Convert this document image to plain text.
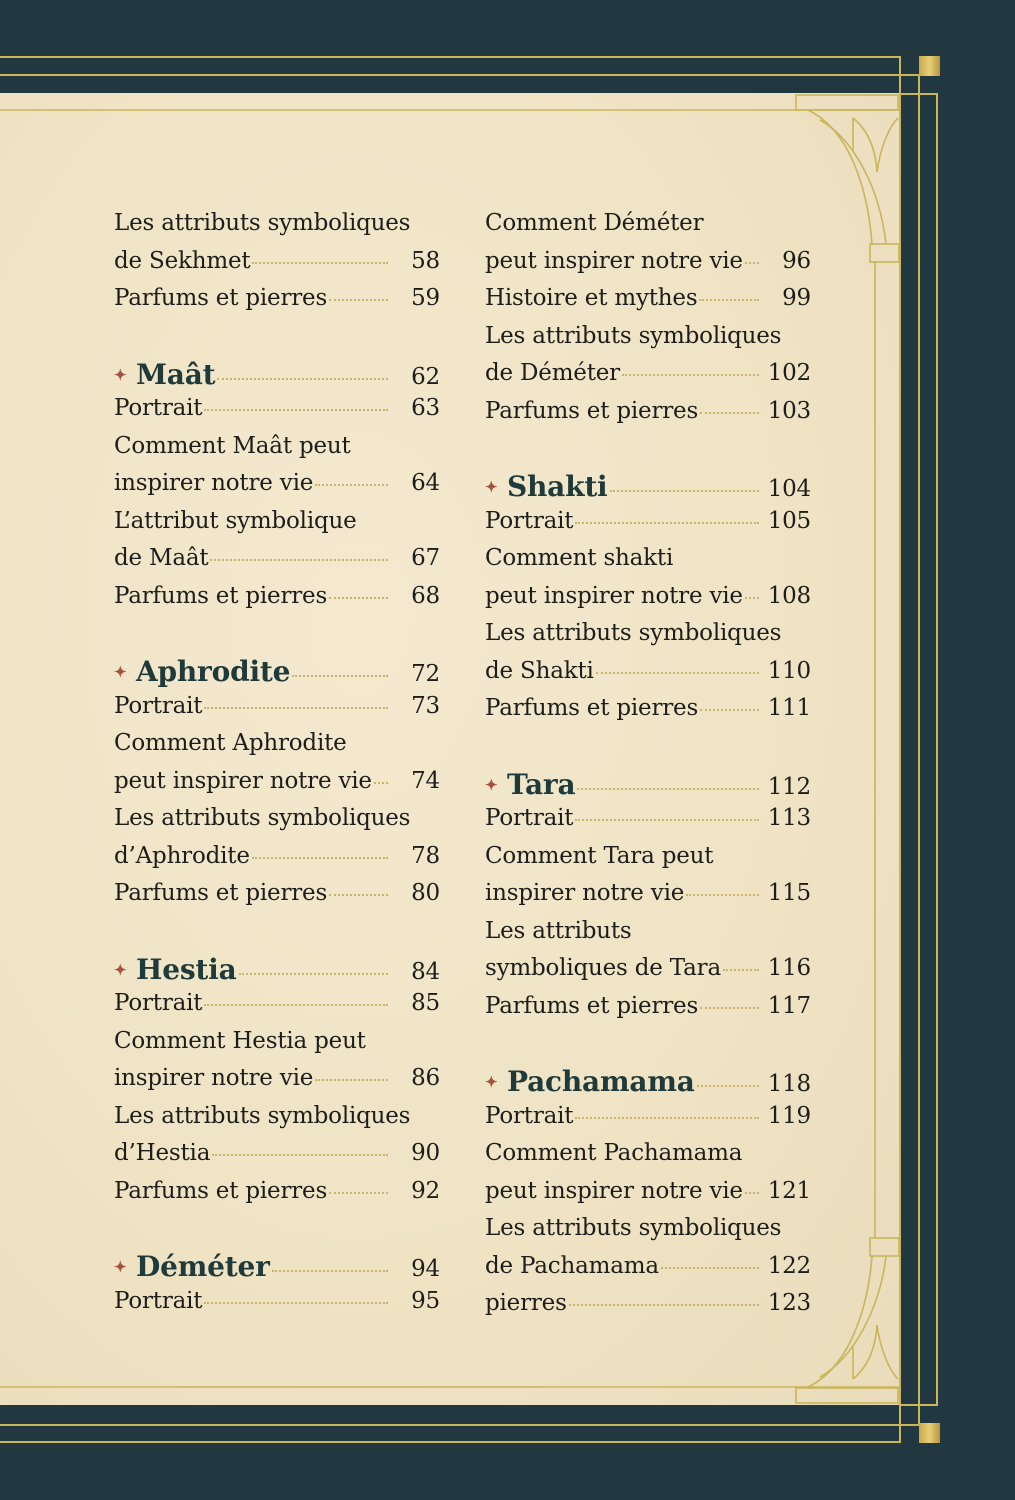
Les attributs symboliques
de Sekhmet	58
Parfums et pierres	59
✦ Maât	62
Portrait	63
Comment Maât peut
inspirer notre vie	64
L’attribut symbolique
de Maât	67
Parfums et pierres	68
✦ Aphrodite	72
Portrait	73
Comment Aphrodite
peut inspirer notre vie	74
Les attributs symboliques
d’Aphrodite	78
Parfums et pierres	80
✦ Hestia	84
Portrait	85
Comment Hestia peut
inspirer notre vie	86
Les attributs symboliques
d’Hestia	90
Parfums et pierres	92
✦ Déméter	94
Portrait	95
Comment Déméter
peut inspirer notre vie	96
Histoire et mythes	99
Les attributs symboliques
de Déméter	102
Parfums et pierres	103
✦ Shakti	104
Portrait	105
Comment shakti
peut inspirer notre vie 108
Les attributs symboliques
de Shakti	110
Parfums et pierres	111
✦ Tara	112
Portrait	113
Comment Tara peut
inspirer notre vie	115
Les attributs
symboliques de Tara 116
Parfums et pierres	117
✦ Pachamama	118
Portrait	119
Comment Pachamama
peut inspirer notre vie 121
Les attributs symboliques
de Pachamama	122
pierres	123
